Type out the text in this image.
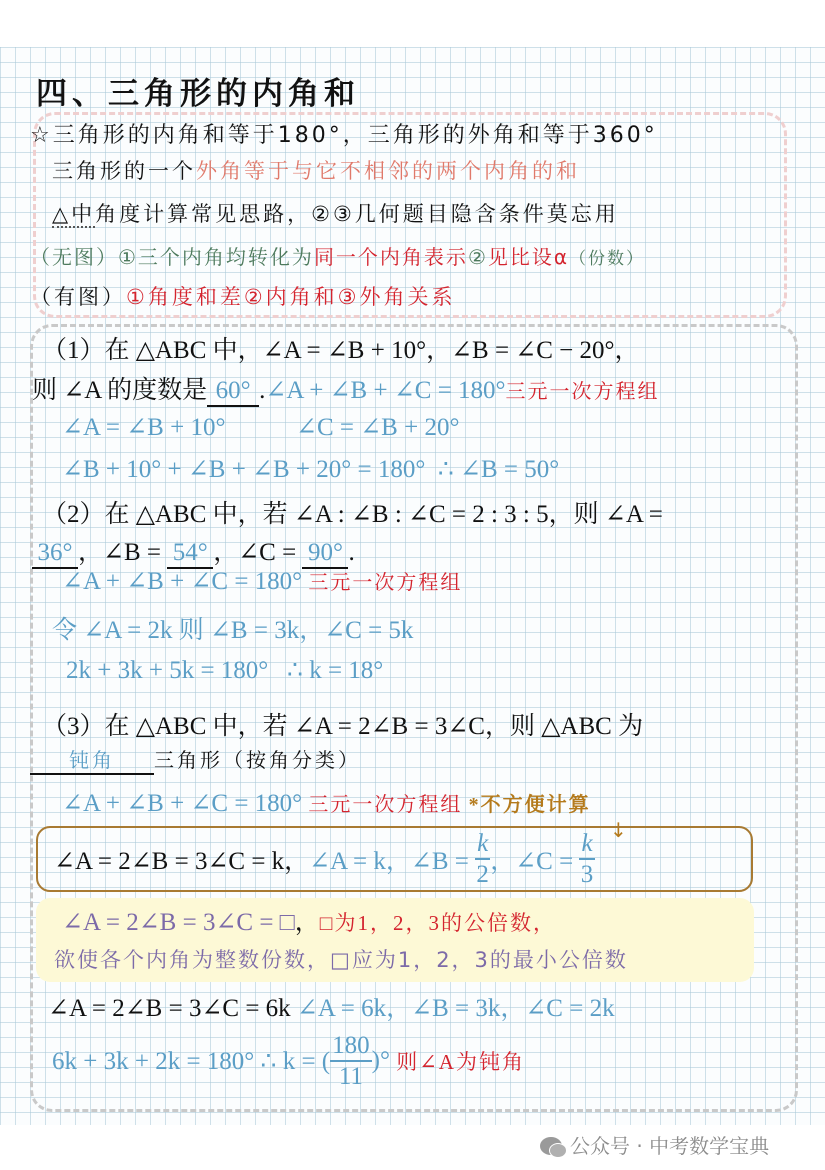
四、三角形的内角和
☆三角形的内角和等于180°，三角形的外角和等于360°
三角形的一个外角等于与它不相邻的两个内角的和
△中角度计算常见思路，②③几何题目隐含条件莫忘用
（无图）①三个内角均转化为同一个内角表示②见比设α（份数）
（有图）①角度和差②内角和③外角关系
（1）在 △ABC 中，∠A = ∠B + 10°，∠B = ∠C − 20°，
则 ∠A 的度数是 60° .∠A + ∠B + ∠C = 180°三元一次方程组
∠A = ∠B + 10°	∠C = ∠B + 20°
∠B + 10° + ∠B + ∠B + 20° = 180° ∴ ∠B = 50°
（2）在 △ABC 中，若 ∠A : ∠B : ∠C = 2 : 3 : 5，则 ∠A =
36° ，∠B = 54° ，∠C = 90° .
∠A + ∠B + ∠C = 180° 三元一次方程组
令 ∠A = 2k 则 ∠B = 3k，∠C = 5k
2k + 3k + 5k = 180° ∴ k = 18°
（3）在 △ABC 中，若 ∠A = 2∠B = 3∠C，则 △ABC 为
钝角 三角形（按角分类）
∠A + ∠B + ∠C = 180° 三元一次方程组 *不方便计算
↓
∠A = 2∠B = 3∠C = k， ∠A = k，∠B =
$\frac{k}{2}$ ，∠C =
$\frac{k}{3}$
∠A = 2∠B = 3∠C = □，□为1，2，3的公倍数，
欲使各个内角为整数份数，□应为1，2，3的最小公倍数
∠A = 2∠B = 3∠C = 6k ∠A = 6k，∠B = 3k，∠C = 2k
6k + 3k + 2k = 180° ∴ k = ( $\frac{180}{11}$ )°
则∠A为钝角
公众号 · 中考数学宝典
